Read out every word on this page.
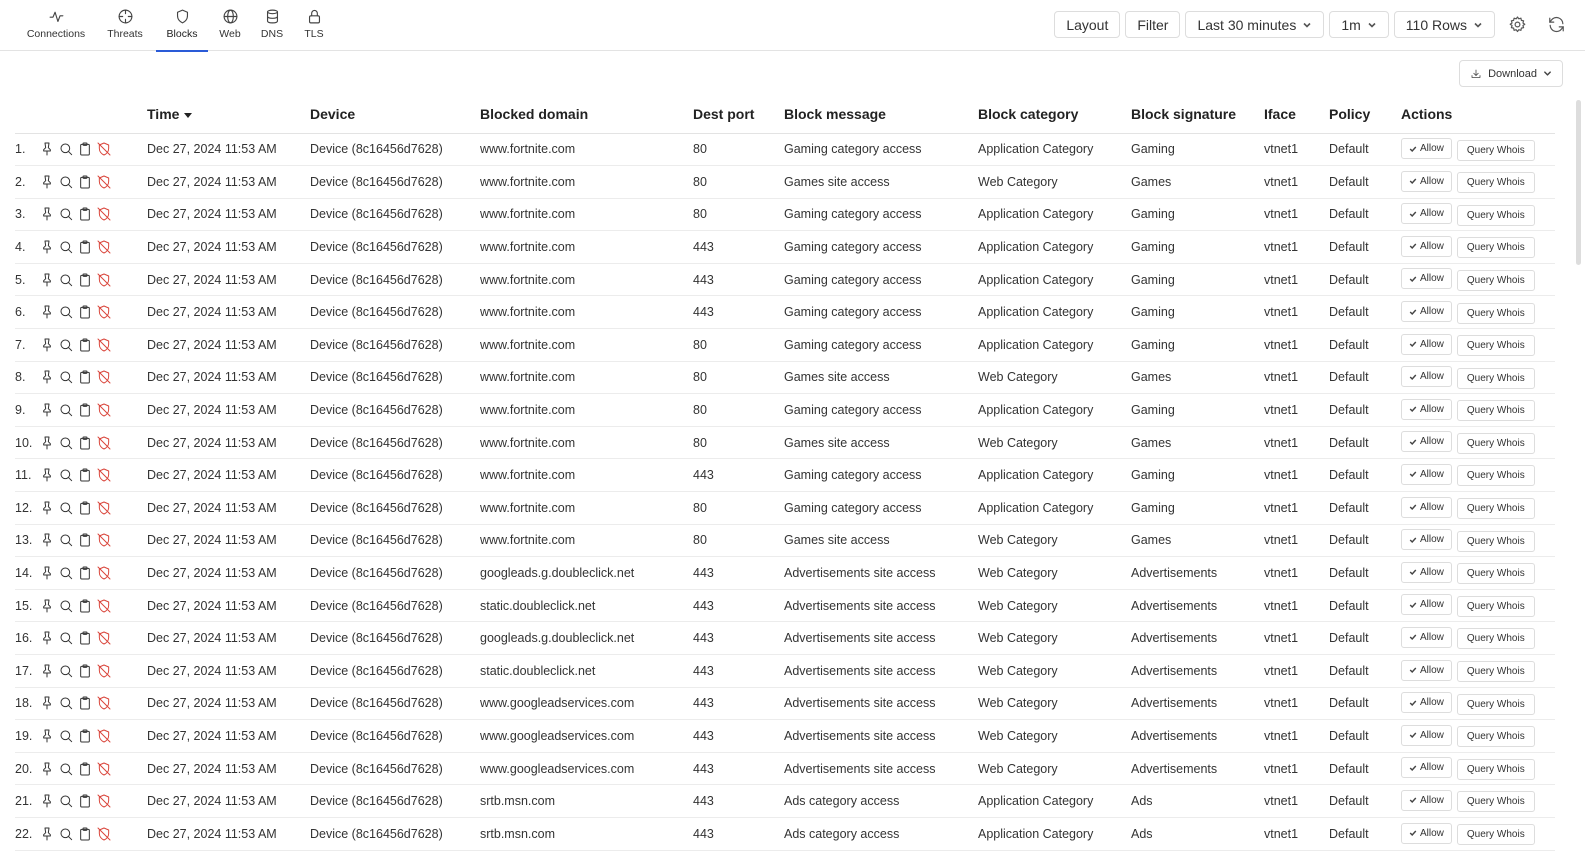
Connections Threats Blocks Web DNS TLS
Layout	Filter	Last 30 minutes	1m	110 Rows
Download
		Time	Device	Blocked domain	Dest port	Block message	Block category	Block signature	Iface	Policy	Actions
1.		Dec 27, 2024 11:53 AM	Device (8c16456d7628)	www.fortnite.com	80	Gaming category access	Application Category	Gaming	vtnet1	Default	Allow Query Whois
2.		Dec 27, 2024 11:53 AM	Device (8c16456d7628)	www.fortnite.com	80	Games site access	Web Category	Games	vtnet1	Default	Allow Query Whois
3.		Dec 27, 2024 11:53 AM	Device (8c16456d7628)	www.fortnite.com	80	Gaming category access	Application Category	Gaming	vtnet1	Default	Allow Query Whois
4.		Dec 27, 2024 11:53 AM	Device (8c16456d7628)	www.fortnite.com	443	Gaming category access	Application Category	Gaming	vtnet1	Default	Allow Query Whois
5.		Dec 27, 2024 11:53 AM	Device (8c16456d7628)	www.fortnite.com	443	Gaming category access	Application Category	Gaming	vtnet1	Default	Allow Query Whois
6.		Dec 27, 2024 11:53 AM	Device (8c16456d7628)	www.fortnite.com	443	Gaming category access	Application Category	Gaming	vtnet1	Default	Allow Query Whois
7.		Dec 27, 2024 11:53 AM	Device (8c16456d7628)	www.fortnite.com	80	Gaming category access	Application Category	Gaming	vtnet1	Default	Allow Query Whois
8.		Dec 27, 2024 11:53 AM	Device (8c16456d7628)	www.fortnite.com	80	Games site access	Web Category	Games	vtnet1	Default	Allow Query Whois
9.		Dec 27, 2024 11:53 AM	Device (8c16456d7628)	www.fortnite.com	80	Gaming category access	Application Category	Gaming	vtnet1	Default	Allow Query Whois
10.		Dec 27, 2024 11:53 AM	Device (8c16456d7628)	www.fortnite.com	80	Games site access	Web Category	Games	vtnet1	Default	Allow Query Whois
11.		Dec 27, 2024 11:53 AM	Device (8c16456d7628)	www.fortnite.com	443	Gaming category access	Application Category	Gaming	vtnet1	Default	Allow Query Whois
12.		Dec 27, 2024 11:53 AM	Device (8c16456d7628)	www.fortnite.com	80	Gaming category access	Application Category	Gaming	vtnet1	Default	Allow Query Whois
13.		Dec 27, 2024 11:53 AM	Device (8c16456d7628)	www.fortnite.com	80	Games site access	Web Category	Games	vtnet1	Default	Allow Query Whois
14.		Dec 27, 2024 11:53 AM	Device (8c16456d7628)	googleads.g.doubleclick.net	443	Advertisements site access	Web Category	Advertisements	vtnet1	Default	Allow Query Whois
15.		Dec 27, 2024 11:53 AM	Device (8c16456d7628)	static.doubleclick.net	443	Advertisements site access	Web Category	Advertisements	vtnet1	Default	Allow Query Whois
16.		Dec 27, 2024 11:53 AM	Device (8c16456d7628)	googleads.g.doubleclick.net	443	Advertisements site access	Web Category	Advertisements	vtnet1	Default	Allow Query Whois
17.		Dec 27, 2024 11:53 AM	Device (8c16456d7628)	static.doubleclick.net	443	Advertisements site access	Web Category	Advertisements	vtnet1	Default	Allow Query Whois
18.		Dec 27, 2024 11:53 AM	Device (8c16456d7628)	www.googleadservices.com	443	Advertisements site access	Web Category	Advertisements	vtnet1	Default	Allow Query Whois
19.		Dec 27, 2024 11:53 AM	Device (8c16456d7628)	www.googleadservices.com	443	Advertisements site access	Web Category	Advertisements	vtnet1	Default	Allow Query Whois
20.		Dec 27, 2024 11:53 AM	Device (8c16456d7628)	www.googleadservices.com	443	Advertisements site access	Web Category	Advertisements	vtnet1	Default	Allow Query Whois
21.		Dec 27, 2024 11:53 AM	Device (8c16456d7628)	srtb.msn.com	443	Ads category access	Application Category	Ads	vtnet1	Default	Allow Query Whois
22.		Dec 27, 2024 11:53 AM	Device (8c16456d7628)	srtb.msn.com	443	Ads category access	Application Category	Ads	vtnet1	Default	Allow Query Whois
